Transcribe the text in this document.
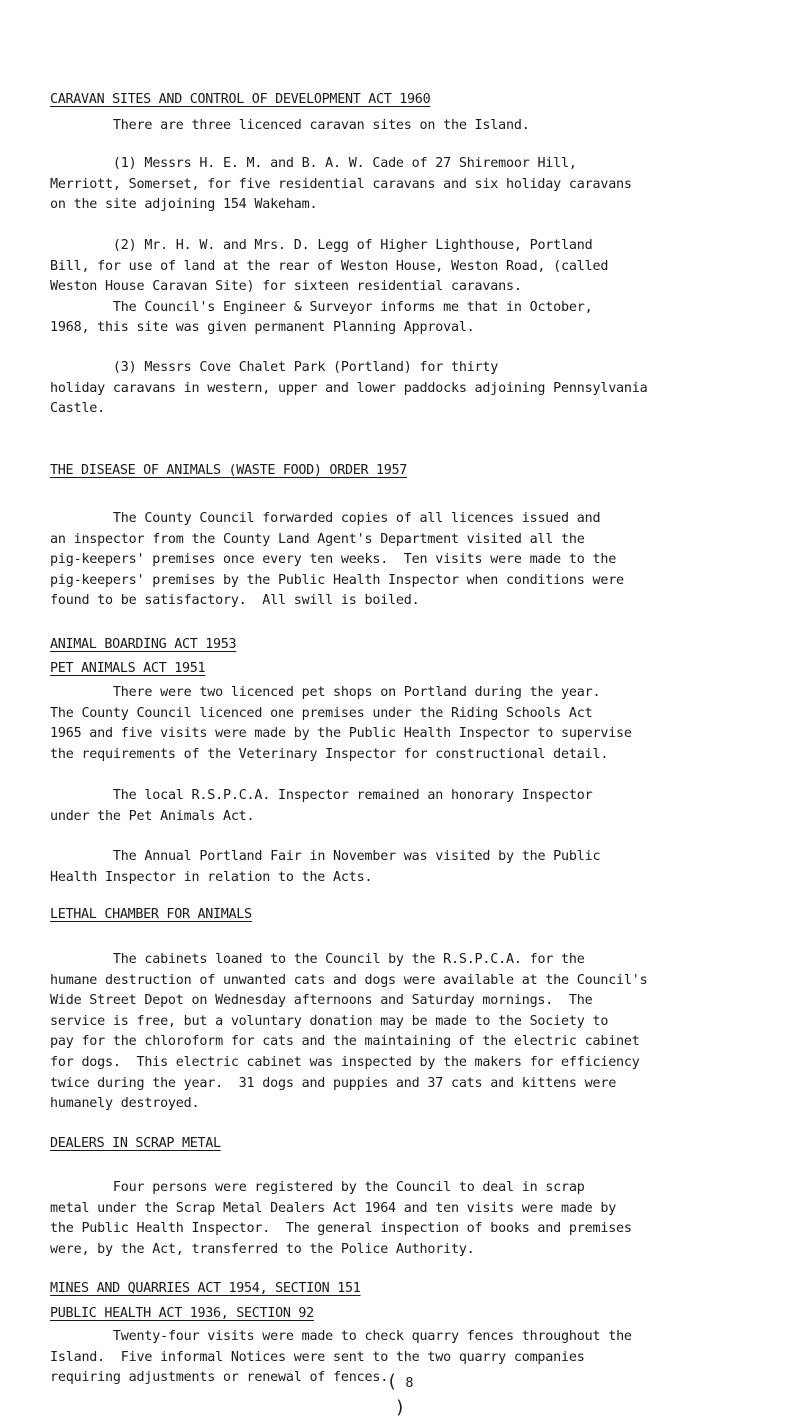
CARAVAN SITES AND CONTROL OF DEVELOPMENT ACT 1960
There are three licenced caravan sites on the Island.
(1) Messrs H. E. M. and B. A. W. Cade of 27 Shiremoor Hill,
Merriott, Somerset, for five residential caravans and six holiday caravans
on the site adjoining 154 Wakeham.
(2) Mr. H. W. and Mrs. D. Legg of Higher Lighthouse, Portland
Bill, for use of land at the rear of Weston House, Weston Road, (called
Weston House Caravan Site) for sixteen residential caravans.
The Council's Engineer & Surveyor informs me that in October,
1968, this site was given permanent Planning Approval.
(3) Messrs Cove Chalet Park (Portland) for thirty
holiday caravans in western, upper and lower paddocks adjoining Pennsylvania
Castle.
THE DISEASE OF ANIMALS (WASTE FOOD) ORDER 1957
The County Council forwarded copies of all licences issued and
an inspector from the County Land Agent's Department visited all the
pig-keepers' premises once every ten weeks.  Ten visits were made to the
pig-keepers' premises by the Public Health Inspector when conditions were
found to be satisfactory.  All swill is boiled.
ANIMAL BOARDING ACT 1953
PET ANIMALS ACT 1951
There were two licenced pet shops on Portland during the year.
The County Council licenced one premises under the Riding Schools Act
1965 and five visits were made by the Public Health Inspector to supervise
the requirements of the Veterinary Inspector for constructional detail.
The local R.S.P.C.A. Inspector remained an honorary Inspector
under the Pet Animals Act.
The Annual Portland Fair in November was visited by the Public
Health Inspector in relation to the Acts.
LETHAL CHAMBER FOR ANIMALS
The cabinets loaned to the Council by the R.S.P.C.A. for the
humane destruction of unwanted cats and dogs were available at the Council's
Wide Street Depot on Wednesday afternoons and Saturday mornings.  The
service is free, but a voluntary donation may be made to the Society to
pay for the chloroform for cats and the maintaining of the electric cabinet
for dogs.  This electric cabinet was inspected by the makers for efficiency
twice during the year.  31 dogs and puppies and 37 cats and kittens were
humanely destroyed.
DEALERS IN SCRAP METAL
Four persons were registered by the Council to deal in scrap
metal under the Scrap Metal Dealers Act 1964 and ten visits were made by
the Public Health Inspector.  The general inspection of books and premises
were, by the Act, transferred to the Police Authority.
MINES AND QUARRIES ACT 1954, SECTION 151
PUBLIC HEALTH ACT 1936, SECTION 92
Twenty-four visits were made to check quarry fences throughout the
Island.  Five informal Notices were sent to the two quarry companies
requiring adjustments or renewal of fences.
( 8 )
